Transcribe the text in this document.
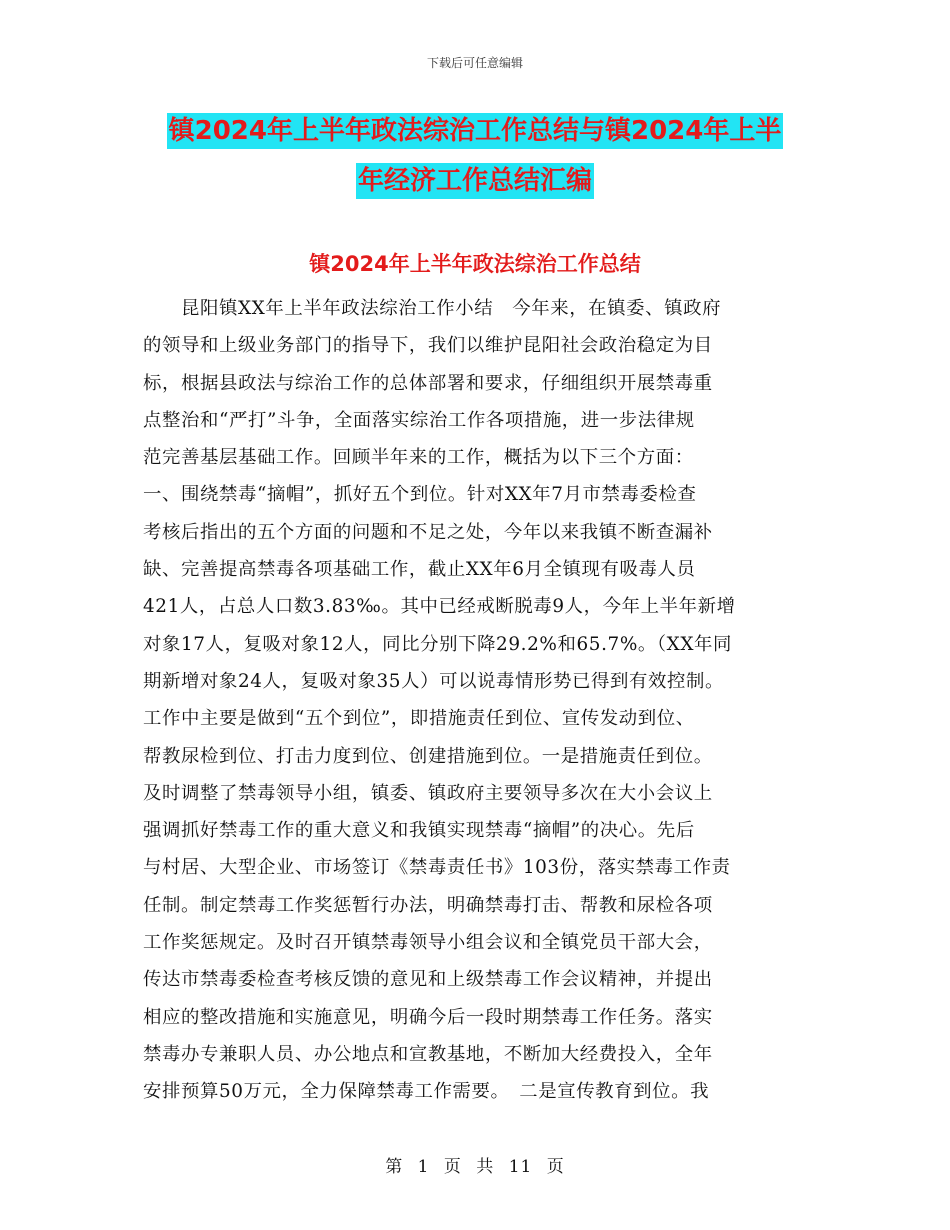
下载后可任意编辑
镇2024年上半年政法综治工作总结与镇2024年上半
年经济工作总结汇编
镇2024年上半年政法综治工作总结
　　昆阳镇XX年上半年政法综治工作小结　今年来，在镇委、镇政府
的领导和上级业务部门的指导下，我们以维护昆阳社会政治稳定为目
标，根据县政法与综治工作的总体部署和要求，仔细组织开展禁毒重
点整治和“严打”斗争，全面落实综治工作各项措施，进一步法律规
范完善基层基础工作。回顾半年来的工作，概括为以下三个方面：
一、围绕禁毒“摘帽”，抓好五个到位。针对XX年7月市禁毒委检查
考核后指出的五个方面的问题和不足之处，今年以来我镇不断查漏补
缺、完善提高禁毒各项基础工作，截止XX年6月全镇现有吸毒人员
421人，占总人口数3.83‰。其中已经戒断脱毒9人，今年上半年新增
对象17人，复吸对象12人，同比分别下降29.2%和65.7%。（XX年同
期新增对象24人，复吸对象35人）可以说毒情形势已得到有效控制。
工作中主要是做到“五个到位”，即措施责任到位、宣传发动到位、
帮教尿检到位、打击力度到位、创建措施到位。一是措施责任到位。
及时调整了禁毒领导小组，镇委、镇政府主要领导多次在大小会议上
强调抓好禁毒工作的重大意义和我镇实现禁毒“摘帽”的决心。先后
与村居、大型企业、市场签订《禁毒责任书》103份，落实禁毒工作责
任制。制定禁毒工作奖惩暂行办法，明确禁毒打击、帮教和尿检各项
工作奖惩规定。及时召开镇禁毒领导小组会议和全镇党员干部大会，
传达市禁毒委检查考核反馈的意见和上级禁毒工作会议精神，并提出
相应的整改措施和实施意见，明确今后一段时期禁毒工作任务。落实
禁毒办专兼职人员、办公地点和宣教基地，不断加大经费投入，全年
安排预算50万元，全力保障禁毒工作需要。　二是宣传教育到位。我
第 1 页 共 11 页
